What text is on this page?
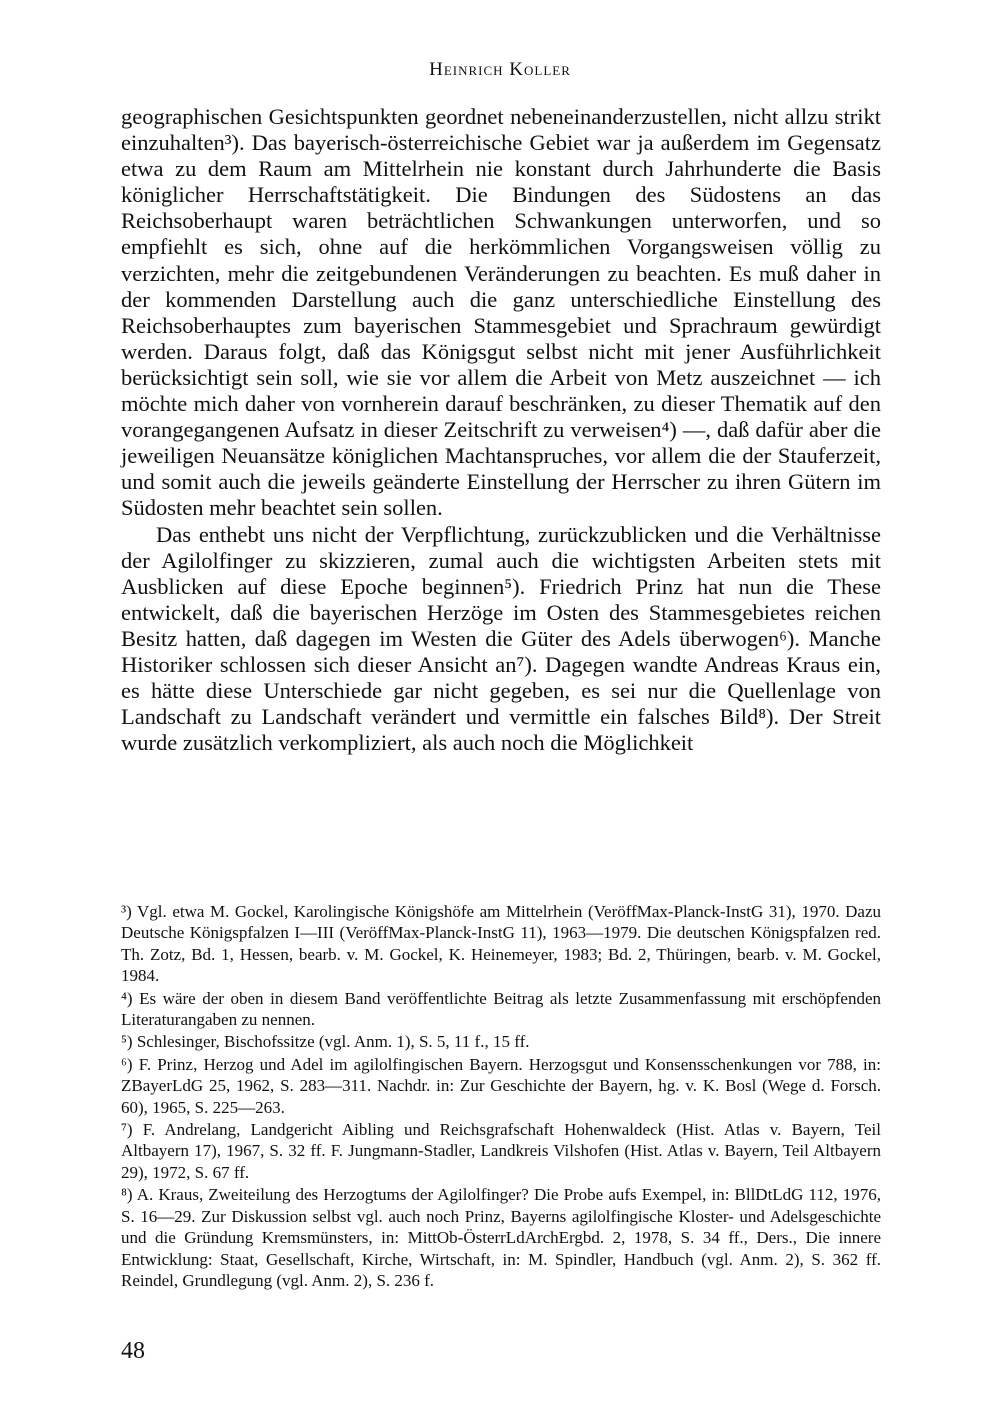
Heinrich Koller

geographischen Gesichtspunkten geordnet nebeneinanderzustellen, nicht allzu strikt einzuhalten³). Das bayerisch-österreichische Gebiet war ja außerdem im Gegensatz etwa zu dem Raum am Mittelrhein nie konstant durch Jahrhunderte die Basis königlicher Herrschaftstätigkeit. Die Bindungen des Südostens an das Reichsoberhaupt waren beträchtlichen Schwankungen unterworfen, und so empfiehlt es sich, ohne auf die herkömmlichen Vorgangsweisen völlig zu verzichten, mehr die zeitgebundenen Veränderungen zu beachten. Es muß daher in der kommenden Darstellung auch die ganz unterschiedliche Einstellung des Reichsoberhauptes zum bayerischen Stammesgebiet und Sprachraum gewürdigt werden. Daraus folgt, daß das Königsgut selbst nicht mit jener Ausführlichkeit berücksichtigt sein soll, wie sie vor allem die Arbeit von Metz auszeichnet — ich möchte mich daher von vornherein darauf beschränken, zu dieser Thematik auf den vorangegangenen Aufsatz in dieser Zeitschrift zu verweisen⁴) —, daß dafür aber die jeweiligen Neuansätze königlichen Machtanspruches, vor allem die der Stauferzeit, und somit auch die jeweils geänderte Einstellung der Herrscher zu ihren Gütern im Südosten mehr beachtet sein sollen.

Das enthebt uns nicht der Verpflichtung, zurückzublicken und die Verhältnisse der Agilolfinger zu skizzieren, zumal auch die wichtigsten Arbeiten stets mit Ausblicken auf diese Epoche beginnen⁵). Friedrich Prinz hat nun die These entwickelt, daß die bayerischen Herzöge im Osten des Stammesgebietes reichen Besitz hatten, daß dagegen im Westen die Güter des Adels überwogen⁶). Manche Historiker schlossen sich dieser Ansicht an⁷). Dagegen wandte Andreas Kraus ein, es hätte diese Unterschiede gar nicht gegeben, es sei nur die Quellenlage von Landschaft zu Landschaft verändert und vermittle ein falsches Bild⁸). Der Streit wurde zusätzlich verkompliziert, als auch noch die Möglichkeit

³) Vgl. etwa M. Gockel, Karolingische Königshöfe am Mittelrhein (VeröffMax-Planck-InstG 31), 1970. Dazu Deutsche Königspfalzen I—III (VeröffMax-Planck-InstG 11), 1963—1979. Die deutschen Königspfalzen red. Th. Zotz, Bd. 1, Hessen, bearb. v. M. Gockel, K. Heinemeyer, 1983; Bd. 2, Thüringen, bearb. v. M. Gockel, 1984.

⁴) Es wäre der oben in diesem Band veröffentlichte Beitrag als letzte Zusammenfassung mit erschöpfenden Literaturangaben zu nennen.

⁵) Schlesinger, Bischofssitze (vgl. Anm. 1), S. 5, 11 f., 15 ff.

⁶) F. Prinz, Herzog und Adel im agilolfingischen Bayern. Herzogsgut und Konsensschenkungen vor 788, in: ZBayerLdG 25, 1962, S. 283—311. Nachdr. in: Zur Geschichte der Bayern, hg. v. K. Bosl (Wege d. Forsch. 60), 1965, S. 225—263.

⁷) F. Andrelang, Landgericht Aibling und Reichsgrafschaft Hohenwaldeck (Hist. Atlas v. Bayern, Teil Altbayern 17), 1967, S. 32 ff. F. Jungmann-Stadler, Landkreis Vilshofen (Hist. Atlas v. Bayern, Teil Altbayern 29), 1972, S. 67 ff.

⁸) A. Kraus, Zweiteilung des Herzogtums der Agilolfinger? Die Probe aufs Exempel, in: BllDtLdG 112, 1976, S. 16—29. Zur Diskussion selbst vgl. auch noch Prinz, Bayerns agilolfingische Kloster- und Adelsgeschichte und die Gründung Kremsmünsters, in: MittOb-ÖsterrLdArchErgbd. 2, 1978, S. 34 ff., Ders., Die innere Entwicklung: Staat, Gesellschaft, Kirche, Wirtschaft, in: M. Spindler, Handbuch (vgl. Anm. 2), S. 362 ff. Reindel, Grundlegung (vgl. Anm. 2), S. 236 f.

48
